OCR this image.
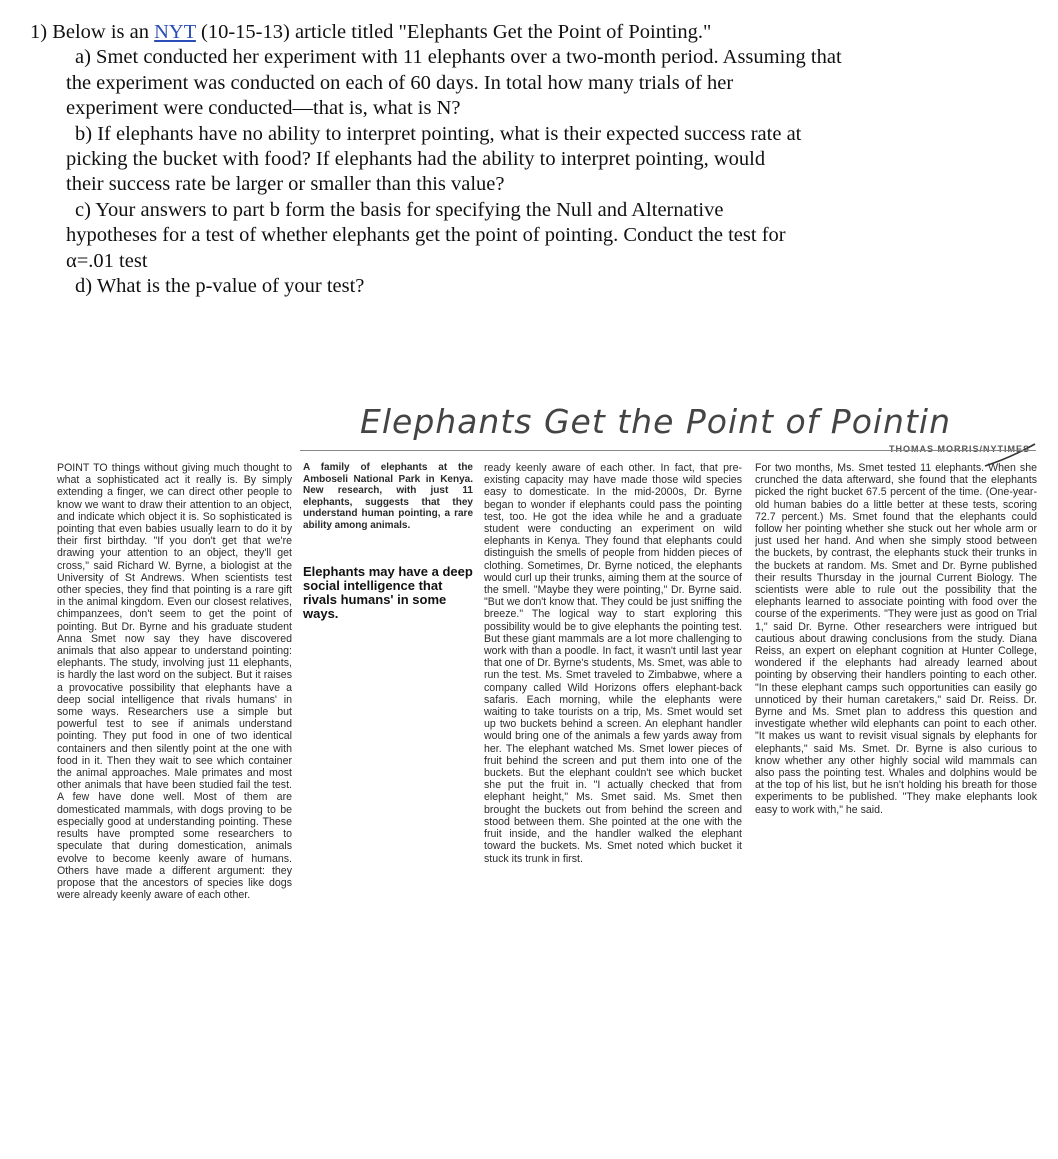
1) Below is an NYT (10-15-13) article titled "Elephants Get the Point of Pointing."

a) Smet conducted her experiment with 11 elephants over a two-month period. Assuming that

the experiment was conducted on each of 60 days. In total how many trials of her

experiment were conducted—that is, what is N?

b) If elephants have no ability to interpret pointing, what is their expected success rate at

picking the bucket with food? If elephants had the ability to interpret pointing, would

their success rate be larger or smaller than this value?

c) Your answers to part b form the basis for specifying the Null and Alternative

hypotheses for a test of whether elephants get the point of pointing. Conduct the test for

α=.01 test

d) What is the p-value of your test?

Elephants Get the Point of Pointin
THOMAS MORRIS/NYTIMES

POINT TO things without giving much thought to what a sophisticated act it really is. By simply extending a finger, we can direct other people to know we want to draw their attention to an object, and indicate which object it is. So sophisticated is pointing that even babies usually learn to do it by their first birthday. "If you don't get that we're drawing your attention to an object, they'll get cross," said Richard W. Byrne, a biologist at the University of St Andrews. When scientists test other species, they find that pointing is a rare gift in the animal kingdom. Even our closest relatives, chimpanzees, don't seem to get the point of pointing. But Dr. Byrne and his graduate student Anna Smet now say they have discovered animals that also appear to understand pointing: elephants. The study, involving just 11 elephants, is hardly the last word on the subject. But it raises a provocative possibility that elephants have a deep social intelligence that rivals humans' in some ways. Researchers use a simple but powerful test to see if animals understand pointing. They put food in one of two identical containers and then silently point at the one with food in it. Then they wait to see which container the animal approaches. Male primates and most other animals that have been studied fail the test. A few have done well. Most of them are domesticated mammals, with dogs proving to be especially good at understanding pointing. These results have prompted some researchers to speculate that during domestication, animals evolve to become keenly aware of humans. Others have made a different argument: they propose that the ancestors of species like dogs were already keenly aware of each other.

A family of elephants at the Amboseli National Park in Kenya. New research, with just 11 elephants, suggests that they understand human pointing, a rare ability among animals.

Elephants may have a deep social intelligence that rivals humans' in some ways.

ready keenly aware of each other. In fact, that pre-existing capacity may have made those wild species easy to domesticate. In the mid-2000s, Dr. Byrne began to wonder if elephants could pass the pointing test, too. He got the idea while he and a graduate student were conducting an experiment on wild elephants in Kenya. They found that elephants could distinguish the smells of people from hidden pieces of clothing. Sometimes, Dr. Byrne noticed, the elephants would curl up their trunks, aiming them at the source of the smell. "Maybe they were pointing," Dr. Byrne said. "But we don't know that. They could be just sniffing the breeze." The logical way to start exploring this possibility would be to give elephants the pointing test. But these giant mammals are a lot more challenging to work with than a poodle. In fact, it wasn't until last year that one of Dr. Byrne's students, Ms. Smet, was able to run the test. Ms. Smet traveled to Zimbabwe, where a company called Wild Horizons offers elephant-back safaris. Each morning, while the elephants were waiting to take tourists on a trip, Ms. Smet would set up two buckets behind a screen. An elephant handler would bring one of the animals a few yards away from her. The elephant watched Ms. Smet lower pieces of fruit behind the screen and put them into one of the buckets. But the elephant couldn't see which bucket she put the fruit in. "I actually checked that from elephant height," Ms. Smet said. Ms. Smet then brought the buckets out from behind the screen and stood between them. She pointed at the one with the fruit inside, and the handler walked the elephant toward the buckets. Ms. Smet noted which bucket it stuck its trunk in first.

For two months, Ms. Smet tested 11 elephants. When she crunched the data afterward, she found that the elephants picked the right bucket 67.5 percent of the time. (One-year-old human babies do a little better at these tests, scoring 72.7 percent.) Ms. Smet found that the elephants could follow her pointing whether she stuck out her whole arm or just used her hand. And when she simply stood between the buckets, by contrast, the elephants stuck their trunks in the buckets at random. Ms. Smet and Dr. Byrne published their results Thursday in the journal Current Biology. The scientists were able to rule out the possibility that the elephants learned to associate pointing with food over the course of the experiments. "They were just as good on Trial 1," said Dr. Byrne. Other researchers were intrigued but cautious about drawing conclusions from the study. Diana Reiss, an expert on elephant cognition at Hunter College, wondered if the elephants had already learned about pointing by observing their handlers pointing to each other. "In these elephant camps such opportunities can easily go unnoticed by their human caretakers," said Dr. Reiss. Dr. Byrne and Ms. Smet plan to address this question and investigate whether wild elephants can point to each other. "It makes us want to revisit visual signals by elephants for elephants," said Ms. Smet. Dr. Byrne is also curious to know whether any other highly social wild mammals can also pass the pointing test. Whales and dolphins would be at the top of his list, but he isn't holding his breath for those experiments to be published. "They make elephants look easy to work with," he said.
